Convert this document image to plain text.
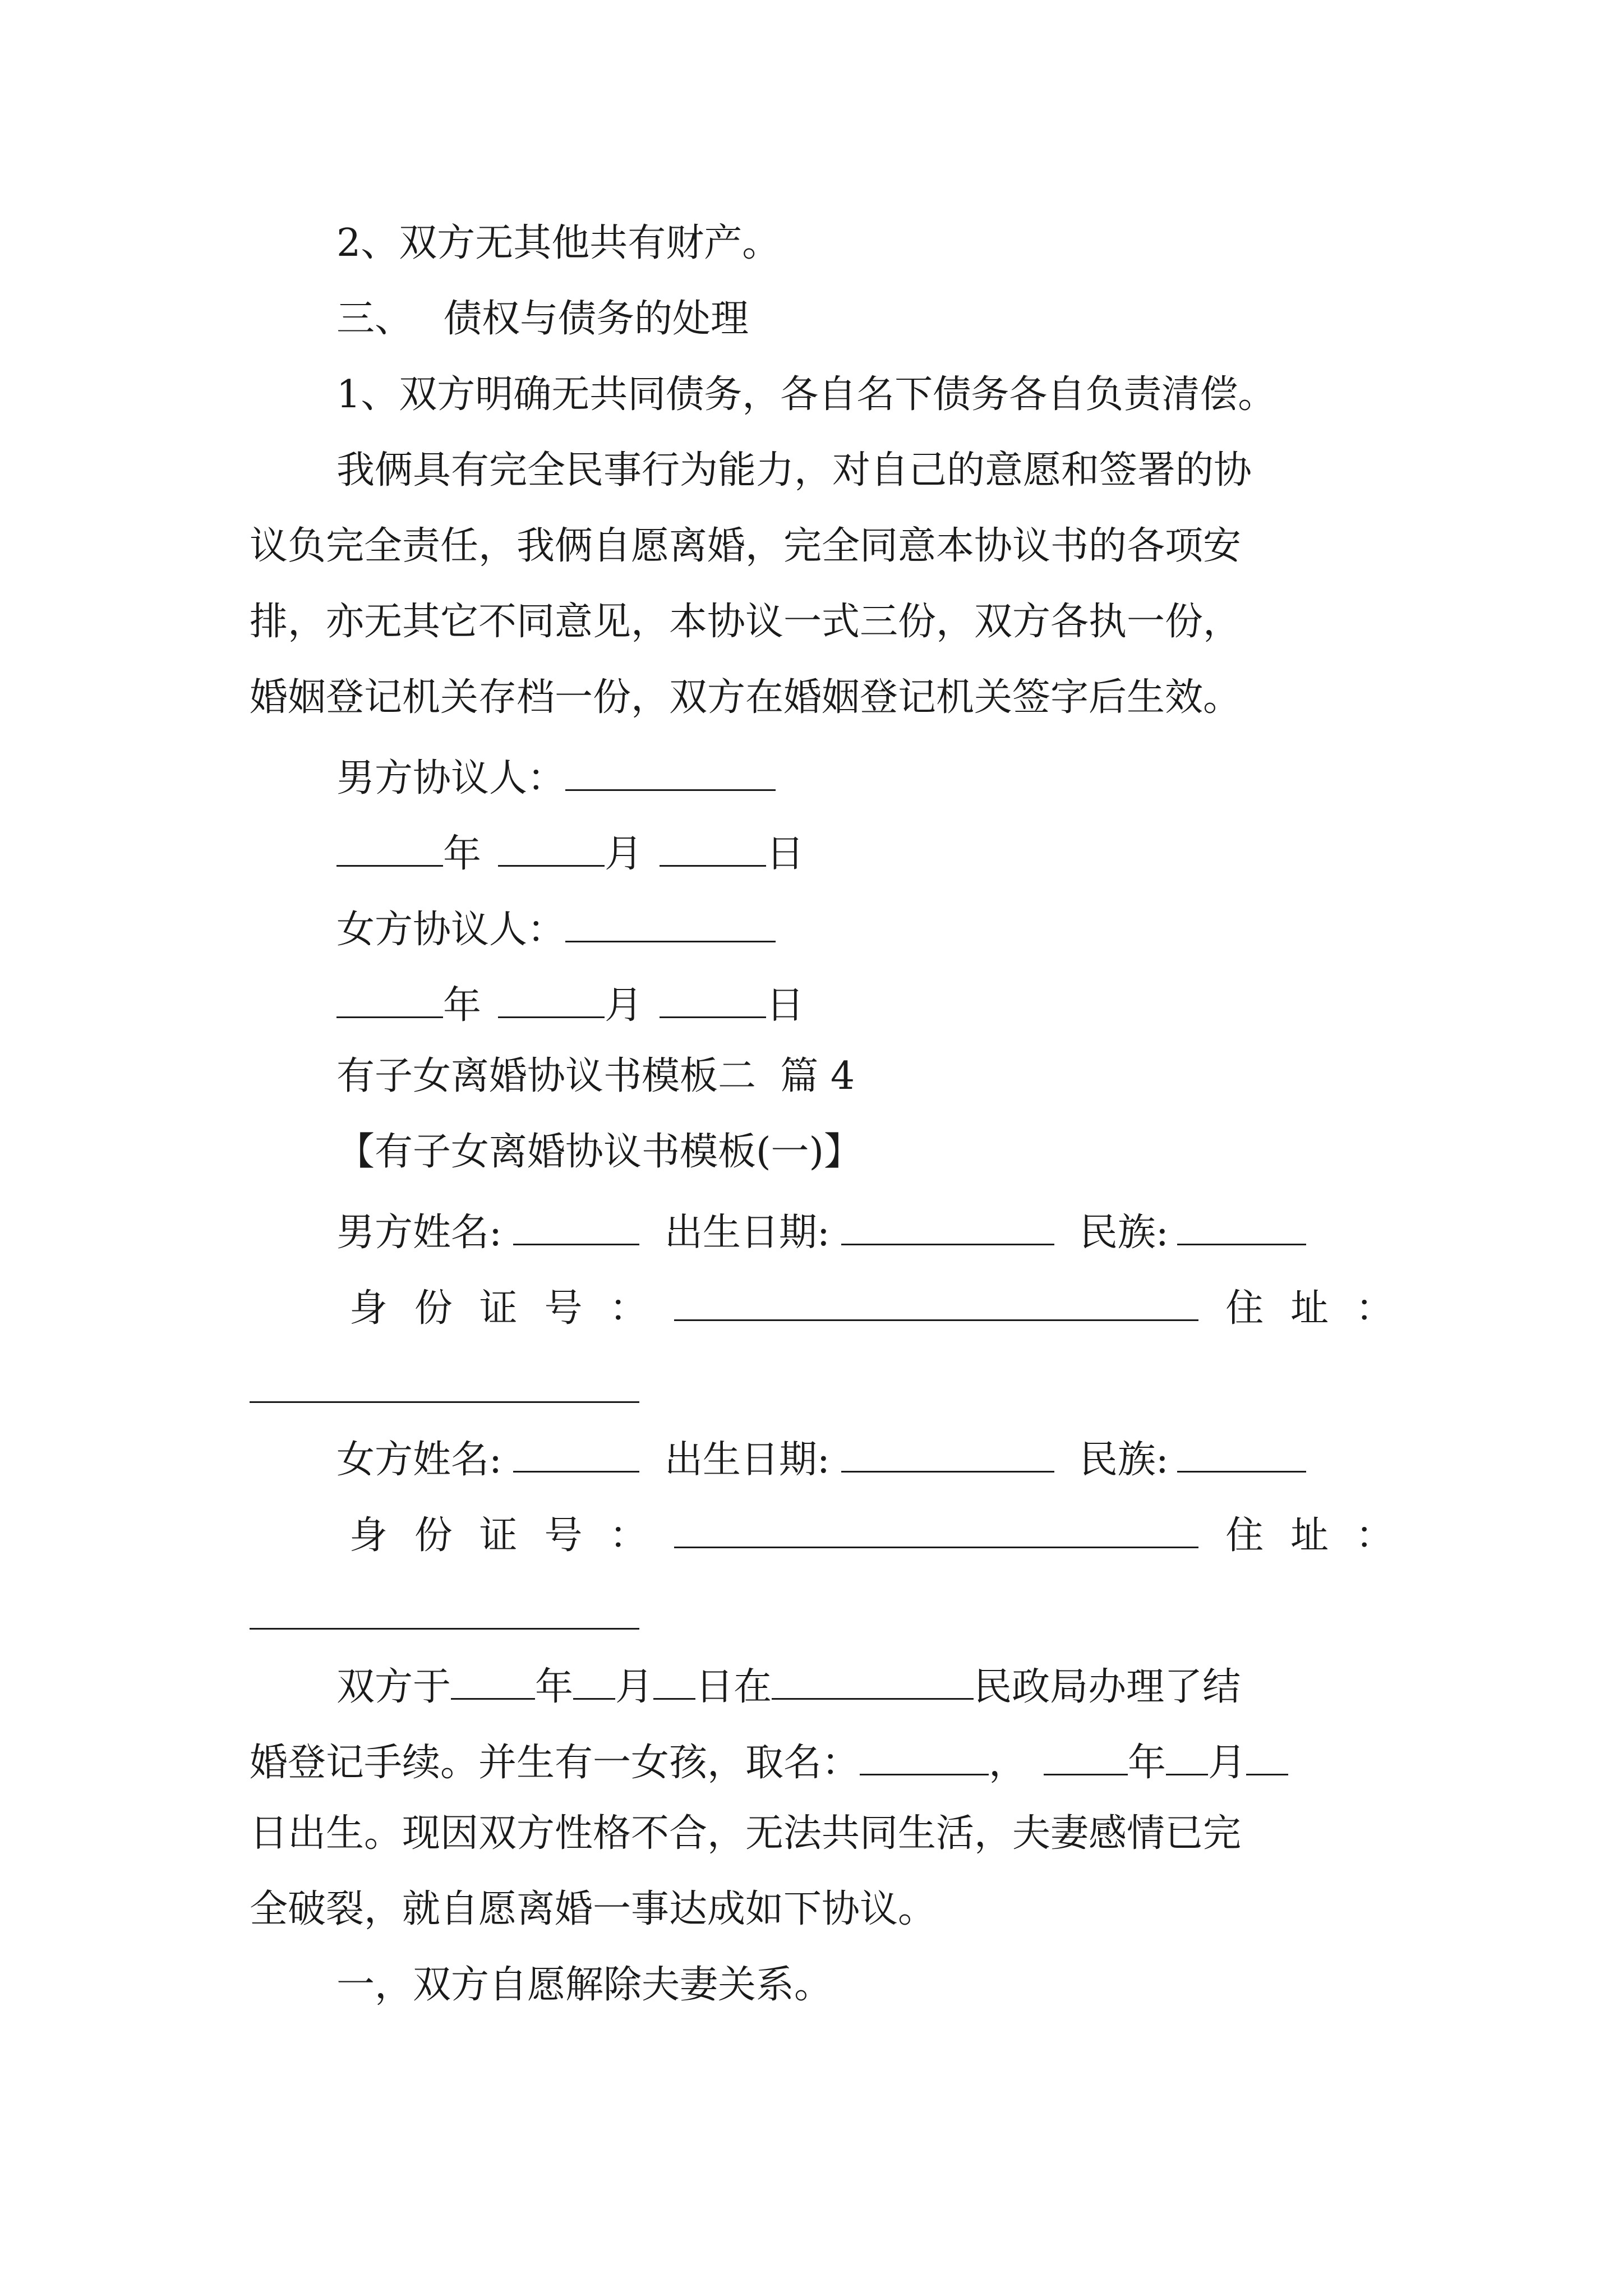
2、双方无其他共有财产。
三、 债权与债务的处理
1、双方明确无共同债务，各自名下债务各自负责清偿。
我俩具有完全民事行为能力，对自己的意愿和签署的协
议负完全责任，我俩自愿离婚，完全同意本协议书的各项安
排，亦无其它不同意见，本协议一式三份，双方各执一份，
婚姻登记机关存档一份，双方在婚姻登记机关签字后生效。
男方协议人：
年	月	日
女方协议人：
年	月	日
有子女离婚协议书模板二  篇 4
【有子女离婚协议书模板(一)】
男方姓名:	出生日期:	民族:
身 份 证 号 ：	住 址 ：
女方姓名:	出生日期:	民族:
身 份 证 号 ：	住 址 ：
双方于 年 月 日在	民政局办理了结
婚登记手续。并生有一女孩，取名：	，	年 月
日出生。现因双方性格不合，无法共同生活，夫妻感情已完
全破裂，就自愿离婚一事达成如下协议。
一，双方自愿解除夫妻关系。
